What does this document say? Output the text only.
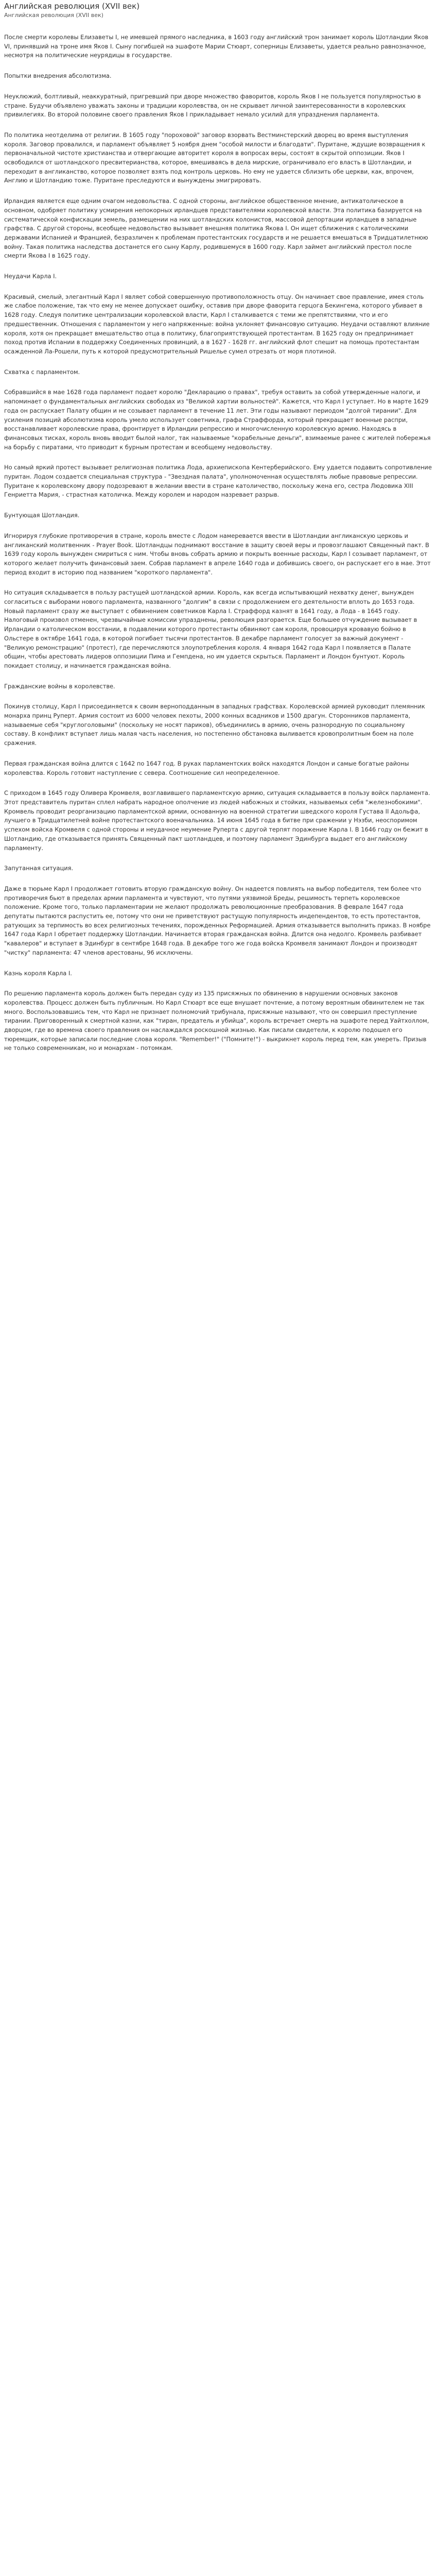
Английская революция (XVII век)
Английская революция (XVII век)

После смерти королевы Елизаветы I, не имевшей прямого наследника, в 1603 году английский трон занимает король Шотландии Яков VI, принявший на троне имя Яков I. Сыну погибшей на эшафоте Марии Стюарт, соперницы Елизаветы, удается реально равнозначное, несмотря на политические неурядицы в государстве.

Попытки внедрения абсолютизма.

Неуклюжий, болтливый, неаккуратный, пригревший при дворе множество фаворитов, король Яков I не пользуется популярностью в стране. Будучи объявлено уважать законы и традиции королевства, он не скрывает личной заинтересованности в королевских привилегиях. Во второй половине своего правления Яков I прикладывает немало усилий для упразднения парламента.

По политика неотделима от религии. В 1605 году "пороховой" заговор взорвать Вестминстерский дворец во время выступления короля. Заговор провалился, и парламент объявляет 5 ноября днем "особой милости и благодати". Пуритане, ждущие возвращения к первоначальной чистоте христианства и отвергающие авторитет короля в вопросах веры, состоят в скрытой оппозиции. Яков I освободился от шотландского пресвитерианства, которое, вмешиваясь в дела мирские, ограничивало его власть в Шотландии, и переходит в англиканство, которое позволяет взять под контроль церковь. Но ему не удается сблизить обе церкви, как, впрочем, Англию и Шотландию тоже. Пуритане преследуются и вынуждены эмигрировать.

Ирландия является еще одним очагом недовольства. С одной стороны, английское общественное мнение, антикатолическое в основном, одобряет политику усмирения непокорных ирландцев представителями королевской власти. Эта политика базируется на систематической конфискации земель, размещении на них шотландских колонистов, массовой депортации ирландцев в западные графства. С другой стороны, всеобщее недовольство вызывает внешняя политика Якова I. Он ищет сближения с католическими державами Испанией и Францией, безразличен к проблемам протестантских государств и не решается вмешаться в Тридцатилетнюю войну. Такая политика наследства достанется его сыну Карлу, родившемуся в 1600 году. Карл займет английский престол после смерти Якова I в 1625 году.

Неудачи Карла I.

Красивый, смелый, элегантный Карл I являет собой совершенную противоположность отцу. Он начинает свое правление, имея столь же слабое положение, так что ему не менее допускает ошибку, оставив при дворе фаворита герцога Бекингема, которого убивает в 1628 году. Следуя политике централизации королевской власти, Карл I сталкивается с теми же препятствиями, что и его предшественник. Отношения с парламентом у него напряженные: война уклоняет финансовую ситуацию. Неудачи оставляют влияние короля, хотя он прекращает вмешательство отца в политику, благоприятствующей протестантам. В 1625 году он предпринимает поход против Испании в поддержку Соединенных провинций, а в 1627 - 1628 гг. английский флот спешит на помощь протестантам осажденной Ла-Рошели, путь к которой предусмотрительный Ришелье сумел отрезать от моря плотиной.

Схватка с парламентом.

Собравшийся в мае 1628 года парламент подает королю "Декларацию о правах", требуя оставить за собой утвержденные налоги, и напоминает о фундаментальных английских свободах из "Великой хартии вольностей". Кажется, что Карл I уступает. Но в марте 1629 года он распускает Палату общин и не созывает парламент в течение 11 лет. Эти годы называют периодом "долгой тирании". Для усиления позиций абсолютизма король умело использует советника, графа Страффорда, который прекращает военные распри, восстанавливает королевские права, фронтирует в Ирландии репрессию и многочисленную королевскую армию. Находясь в финансовых тисках, король вновь вводит былой налог, так называемые "корабельные деньги", взимаемые ранее с жителей побережья на борьбу с пиратами, что приводит к бурным протестам и всеобщему недовольству.

Но самый яркий протест вызывает религиозная политика Лода, архиепископа Кентерберийского. Ему удается подавить сопротивление пуритан. Лодом создается специальная структура - "Звездная палата", уполномоченная осуществлять любые правовые репрессии. Пуритане к королевскому двору подозревают в желании ввести в стране католичество, поскольку жена его, сестра Людовика XIII Генриетта Мария, - страстная католичка. Между королем и народом назревает разрыв.

Бунтующая Шотландия.

Игнорируя глубокие противоречия в стране, король вместе с Лодом намеревается ввести в Шотландии англиканскую церковь и англиканский молитвенник - Prayer Book. Шотландцы поднимают восстание в защиту своей веры и провозглашают Священный пакт. В 1639 году король вынужден смириться с ним. Чтобы вновь собрать армию и покрыть военные расходы, Карл I созывает парламент, от которого желает получить финансовый заем. Собрав парламент в апреле 1640 года и добившись своего, он распускает его в мае. Этот период входит в историю под названием "короткого парламента".

Но ситуация складывается в пользу растущей шотландской армии. Король, как всегда испытывающий нехватку денег, вынужден согласиться с выборами нового парламента, названного "долгим" в связи с продолжением его деятельности вплоть до 1653 года. Новый парламент сразу же выступает с обвинением советников Карла I. Страффорд казнят в 1641 году, а Лода - в 1645 году. Налоговый произвол отменен, чрезвычайные комиссии упразднены, революция разгорается. Еще большее отчуждение вызывает в Ирландии о католическом восстании, в подавлении которого протестанты обвиняют сам короля, провоцируя кровавую бойню в Ольстере в октябре 1641 года, в которой погибает тысячи протестантов. В декабре парламент голосует за важный документ - "Великую ремонстрацию" (протест), где перечисляются злоупотребления короля. 4 января 1642 года Карл I появляется в Палате общин, чтобы арестовать лидеров оппозиции Пима и Гемпдена, но им удается скрыться. Парламент и Лондон бунтуют. Король покидает столицу, и начинается гражданская война.

Гражданские войны в королевстве.

Покинув столицу, Карл I присоединяется к своим верноподданным в западных графствах. Королевской армией руководит племянник монарха принц Руперт. Армия состоит из 6000 человек пехоты, 2000 конных всадников и 1500 драгун. Сторонников парламента, называемые себя "круглоголовыми" (поскольку не носят париков), объединились в армию, очень разнородную по социальному составу. В конфликт вступает лишь малая часть населения, но постепенно обстановка выливается кровопролитным боем на поле сражения.

Первая гражданская война длится с 1642 по 1647 год. В руках парламентских войск находятся Лондон и самые богатые районы королевства. Король готовит наступление с севера. Соотношение сил неопределенное.

С приходом в 1645 году Оливера Кромвеля, возглавившего парламентскую армию, ситуация складывается в пользу войск парламента. Этот представитель пуритан сплел набрать народное ополчение из людей набожных и стойких, называемых себя "железнобокими". Кромвель проводит реорганизацию парламентской армии, основанную на военной стратегии шведского короля Густава II Адольфа, лучшего в Тридцатилетней войне протестантского военачальника. 14 июня 1645 года в битве при сражении у Нэзби, неоспоримом успехом войска Кромвеля с одной стороны и неудачное неумение Руперта с другой терпят поражение Карла I. В 1646 году он бежит в Шотландию, где отказывается принять Священный пакт шотландцев, и поэтому парламент Эдинбурга выдает его английскому парламенту.

Запутанная ситуация.

Даже в тюрьме Карл I продолжает готовить вторую гражданскую войну. Он надеется повлиять на выбор победителя, тем более что противоречия бьют в пределах армии парламента и чувствуют, что путями уязвимой Бреды, решимость терпеть королевское положение. Кроме того, только парламентарии не желают продолжать революционные преобразования. В феврале 1647 года депутаты пытаются распустить ее, потому что они не приветствуют растущую популярность индепендентов, то есть протестантов, ратующих за терпимость во всех религиозных течениях, порожденных Реформацией. Армия отказывается выполнить приказ. В ноябре 1647 года Карл I обретает поддержку Шотландии. Начинается вторая гражданская война. Длится она недолго. Кромвель разбивает "кавалеров" и вступает в Эдинбург в сентябре 1648 года. В декабре того же года войска Кромвеля занимают Лондон и производят "чистку" парламента: 47 членов арестованы, 96 исключены.

Казнь короля Карла I.

По решению парламента король должен быть передан суду из 135 присяжных по обвинению в нарушении основных законов королевства. Процесс должен быть публичным. Но Карл Стюарт все еще внушает почтение, а потому вероятным обвинителем не так много. Воспользовавшись тем, что Карл не признает полномочий трибунала, присяжные называют, что он совершил преступление тирании. Приговоренный к смертной казни, как "тиран, предатель и убийца", король встречает смерть на эшафоте перед Уайтхоллом, дворцом, где во времена своего правления он наслаждался роскошной жизнью. Как писали свидетели, к королю подошел его тюремщик, которые записали последние слова короля. "Remember!" ("Помните!") - выкрикнет король перед тем, как умереть. Призыв не только современникам, но и монархам - потомкам.
